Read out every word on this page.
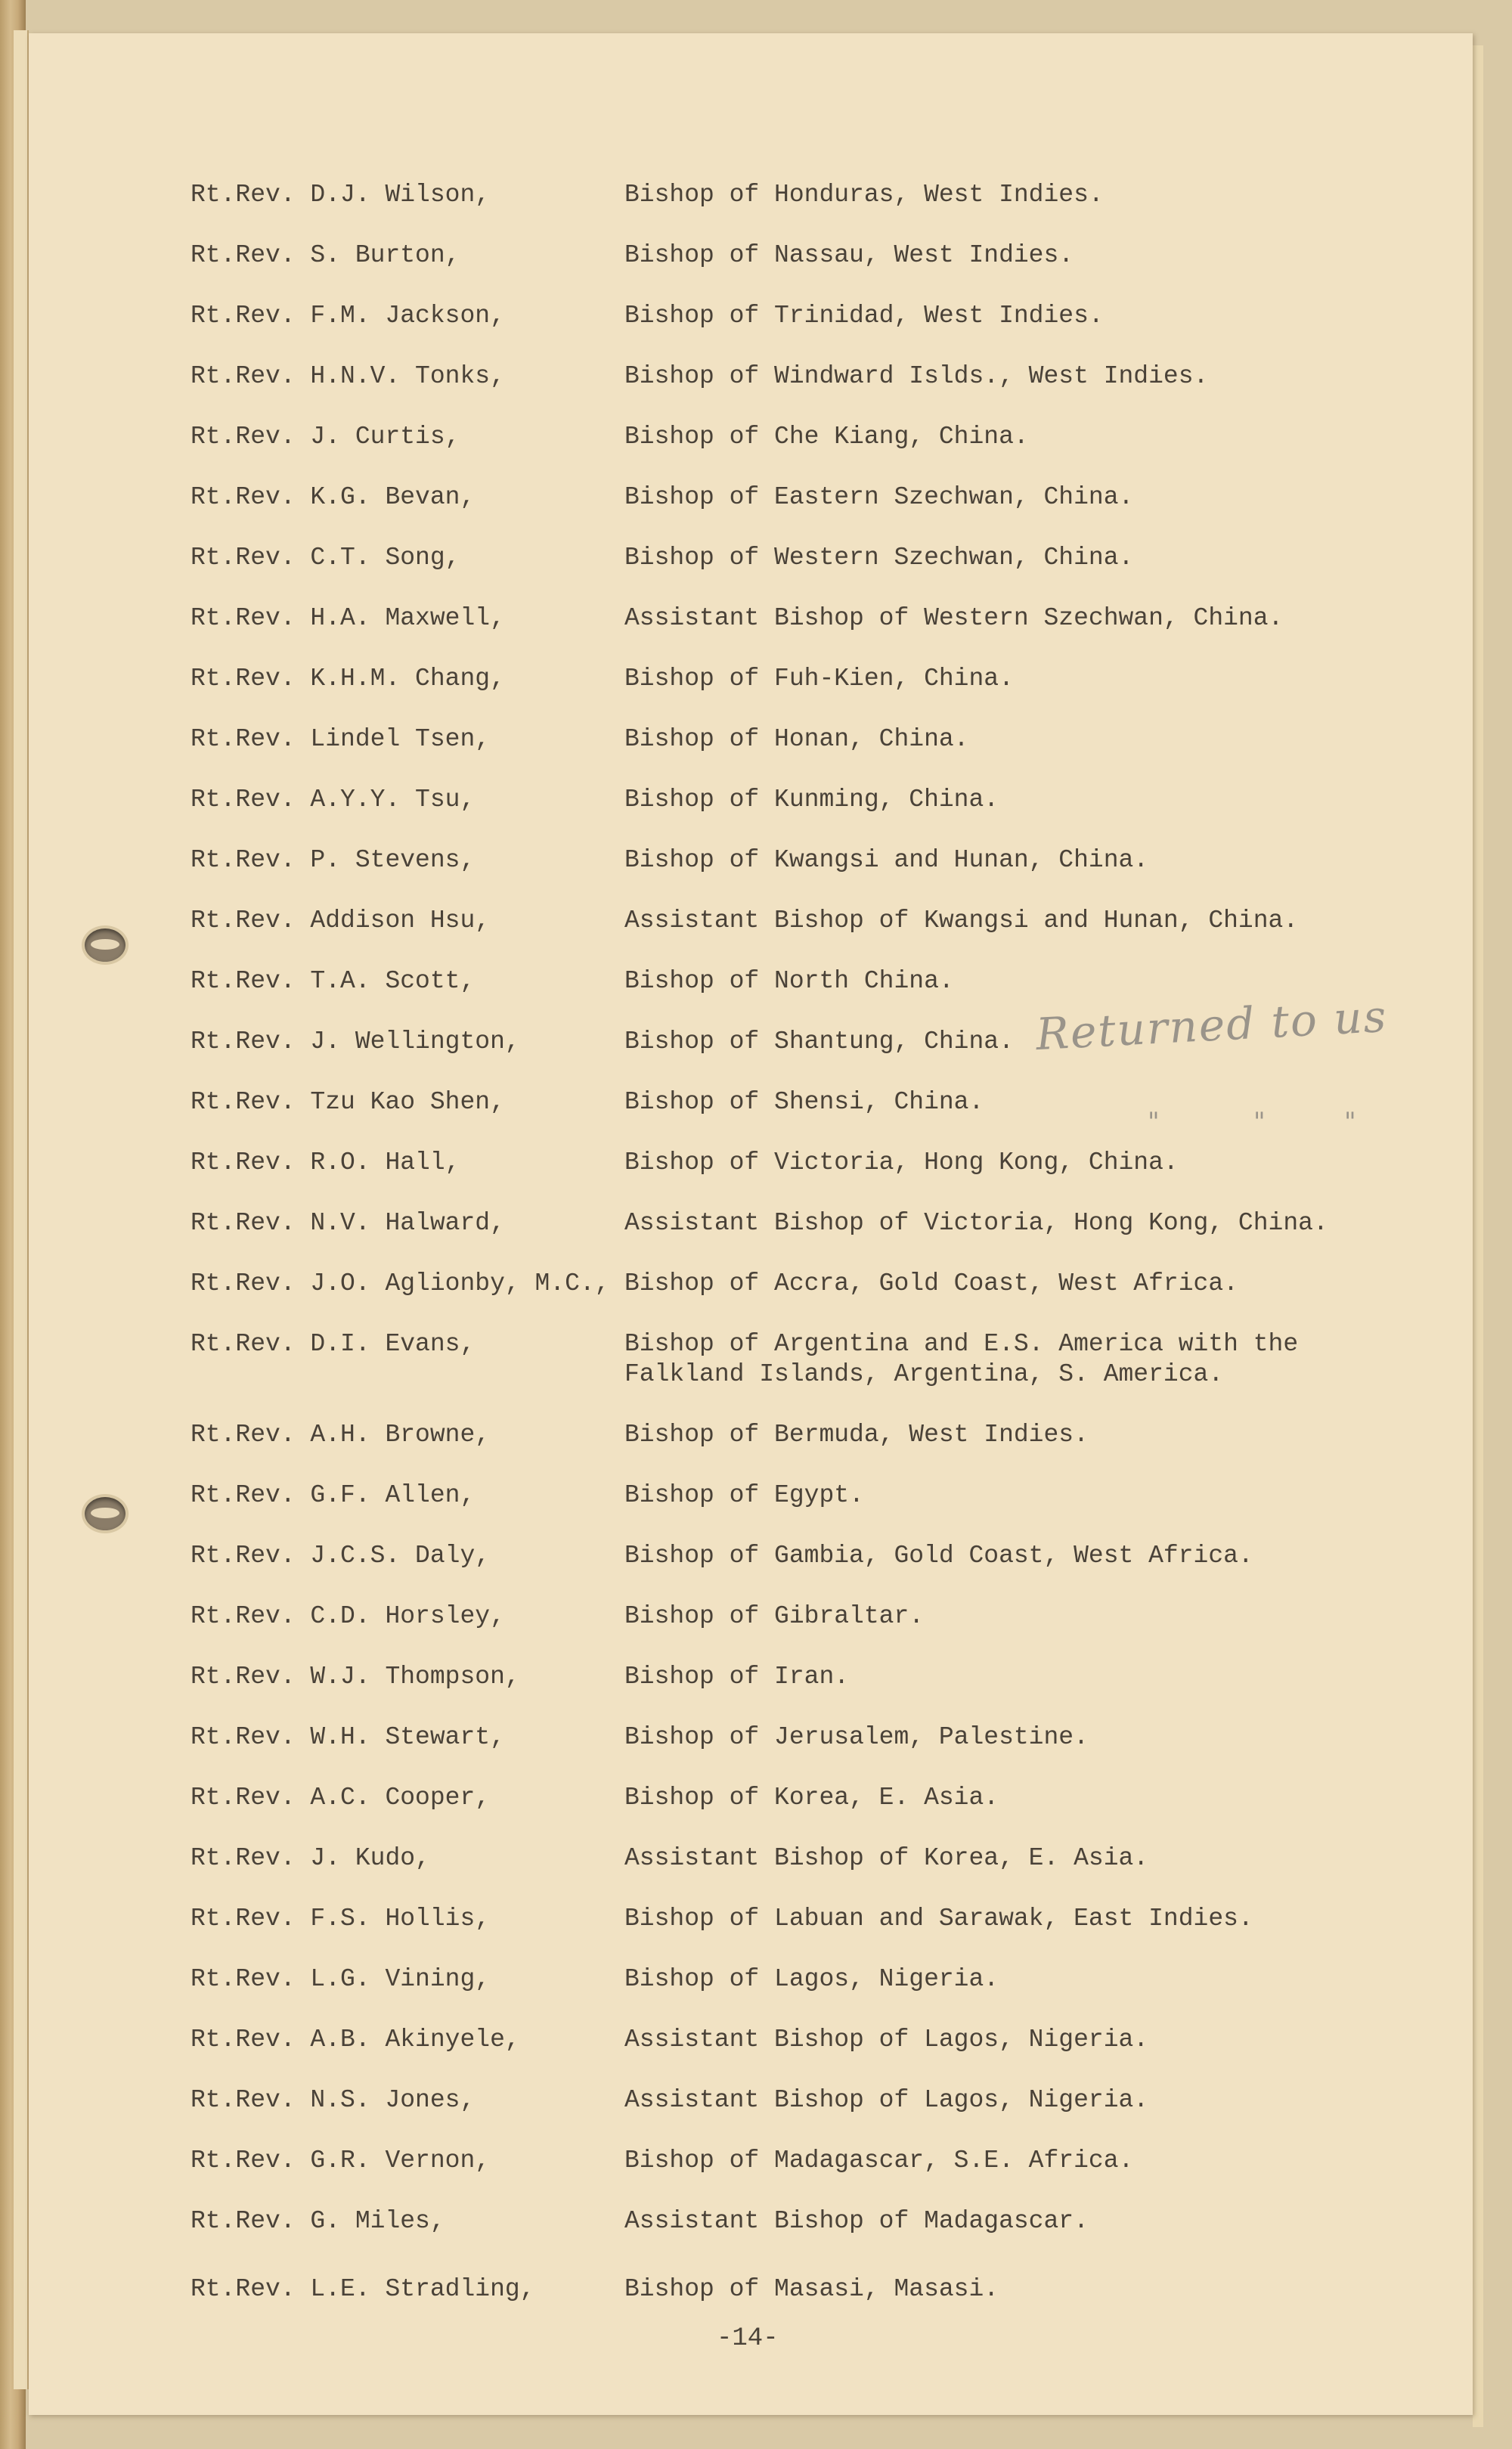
Rt.Rev. D.J. Wilson,	Bishop of Honduras, West Indies.
Rt.Rev. S. Burton,	Bishop of Nassau, West Indies.
Rt.Rev. F.M. Jackson,	Bishop of Trinidad, West Indies.
Rt.Rev. H.N.V. Tonks,	Bishop of Windward Islds., West Indies.
Rt.Rev. J. Curtis,	Bishop of Che Kiang, China.
Rt.Rev. K.G. Bevan,	Bishop of Eastern Szechwan, China.
Rt.Rev. C.T. Song,	Bishop of Western Szechwan, China.
Rt.Rev. H.A. Maxwell,	Assistant Bishop of Western Szechwan, China.
Rt.Rev. K.H.M. Chang,	Bishop of Fuh-Kien, China.
Rt.Rev. Lindel Tsen,	Bishop of Honan, China.
Rt.Rev. A.Y.Y. Tsu,	Bishop of Kunming, China.
Rt.Rev. P. Stevens,	Bishop of Kwangsi and Hunan, China.
Rt.Rev. Addison Hsu,	Assistant Bishop of Kwangsi and Hunan, China.
Rt.Rev. T.A. Scott,	Bishop of North China.
Rt.Rev. J. Wellington,	Bishop of Shantung, China.
Rt.Rev. Tzu Kao Shen,	Bishop of Shensi, China.
Rt.Rev. R.O. Hall,	Bishop of Victoria, Hong Kong, China.
Rt.Rev. N.V. Halward,	Assistant Bishop of Victoria, Hong Kong, China.
Rt.Rev. J.O. Aglionby, M.C., Bishop of Accra, Gold Coast, West Africa.
Rt.Rev. D.I. Evans,	Bishop of Argentina and E.S. America with the
Falkland Islands, Argentina, S. America.
Rt.Rev. A.H. Browne,	Bishop of Bermuda, West Indies.
Rt.Rev. G.F. Allen,	Bishop of Egypt.
Rt.Rev. J.C.S. Daly,	Bishop of Gambia, Gold Coast, West Africa.
Rt.Rev. C.D. Horsley,	Bishop of Gibraltar.
Rt.Rev. W.J. Thompson,	Bishop of Iran.
Rt.Rev. W.H. Stewart,	Bishop of Jerusalem, Palestine.
Rt.Rev. A.C. Cooper,	Bishop of Korea, E. Asia.
Rt.Rev. J. Kudo,	Assistant Bishop of Korea, E. Asia.
Rt.Rev. F.S. Hollis,	Bishop of Labuan and Sarawak, East Indies.
Rt.Rev. L.G. Vining,	Bishop of Lagos, Nigeria.
Rt.Rev. A.B. Akinyele,	Assistant Bishop of Lagos, Nigeria.
Rt.Rev. N.S. Jones,	Assistant Bishop of Lagos, Nigeria.
Rt.Rev. G.R. Vernon,	Bishop of Madagascar, S.E. Africa.
Rt.Rev. G. Miles,	Assistant Bishop of Madagascar.
Rt.Rev. L.E. Stradling,	Bishop of Masasi, Masasi.
Returned to us
"	"	"
-14-
